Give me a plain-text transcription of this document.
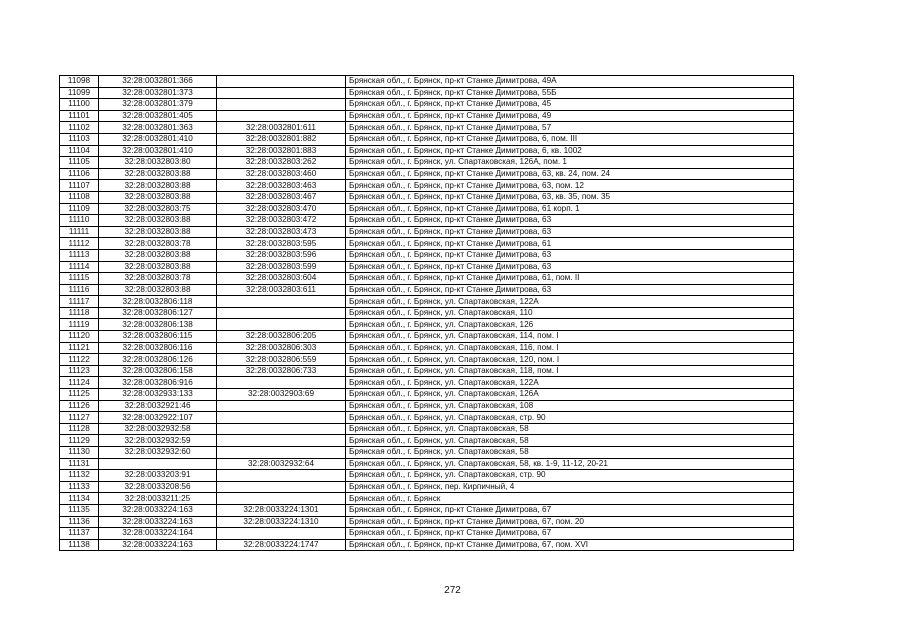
11098	32:28:0032801:366		Брянская обл., г. Брянск, пр-кт Станке Димитрова, 49А
11099	32:28:0032801:373		Брянская обл., г. Брянск, пр-кт Станке Димитрова, 55Б
11100	32:28:0032801:379		Брянская обл., г. Брянск, пр-кт Станке Димитрова, 45
11101	32:28:0032801:405		Брянская обл., г. Брянск, пр-кт Станке Димитрова, 49
11102	32:28:0032801:363	32:28:0032801:611	Брянская обл., г. Брянск, пр-кт Станке Димитрова, 57
11103	32:28:0032801:410	32:28:0032801:882	Брянская обл., г. Брянск, пр-кт Станке Димитрова, 6, пом. III
11104	32:28:0032801:410	32:28:0032801:883	Брянская обл., г. Брянск, пр-кт Станке Димитрова, 6, кв. 1002
11105	32:28:0032803:80	32:28:0032803:262	Брянская обл., г. Брянск, ул. Спартаковская, 126А, пом. 1
11106	32:28:0032803:88	32:28:0032803:460	Брянская обл., г. Брянск, пр-кт Станке Димитрова, 63, кв. 24, пом. 24
11107	32:28:0032803:88	32:28:0032803:463	Брянская обл., г. Брянск, пр-кт Станке Димитрова, 63, пом. 12
11108	32:28:0032803:88	32:28:0032803:467	Брянская обл., г. Брянск, пр-кт Станке Димитрова, 63, кв. 35, пом. 35
11109	32:28:0032803:75	32:28:0032803:470	Брянская обл., г. Брянск, пр-кт Станке Димитрова, 61 корп. 1
11110	32:28:0032803:88	32:28:0032803:472	Брянская обл., г. Брянск, пр-кт Станке Димитрова, 63
11111	32:28:0032803:88	32:28:0032803:473	Брянская обл., г. Брянск, пр-кт Станке Димитрова, 63
11112	32:28:0032803:78	32:28:0032803:595	Брянская обл., г. Брянск, пр-кт Станке Димитрова, 61
11113	32:28:0032803:88	32:28:0032803:596	Брянская обл., г. Брянск, пр-кт Станке Димитрова, 63
11114	32:28:0032803:88	32:28:0032803:599	Брянская обл., г. Брянск, пр-кт Станке Димитрова, 63
11115	32:28:0032803:78	32:28:0032803:604	Брянская обл., г. Брянск, пр-кт Станке Димитрова, 61, пом. II
11116	32:28:0032803:88	32:28:0032803:611	Брянская обл., г. Брянск, пр-кт Станке Димитрова, 63
11117	32:28:0032806:118		Брянская обл., г. Брянск, ул. Спартаковская, 122А
11118	32:28:0032806:127		Брянская обл., г. Брянск, ул. Спартаковская, 110
11119	32:28:0032806:138		Брянская обл., г. Брянск, ул. Спартаковская, 126
11120	32:28:0032806:115	32:28:0032806:205	Брянская обл., г. Брянск, ул. Спартаковская, 114, пом. I
11121	32:28:0032806:116	32:28:0032806:303	Брянская обл., г. Брянск, ул. Спартаковская, 116, пом. I
11122	32:28:0032806:126	32:28:0032806:559	Брянская обл., г. Брянск, ул. Спартаковская, 120, пом. I
11123	32:28:0032806:158	32:28:0032806:733	Брянская обл., г. Брянск, ул. Спартаковская, 118, пом. I
11124	32:28:0032806:916		Брянская обл., г. Брянск, ул. Спартаковская, 122А
11125	32:28:0032933:133	32:28:0032903:69	Брянская обл., г. Брянск, ул. Спартаковская, 126А
11126	32:28:0032921:46		Брянская обл., г. Брянск, ул. Спартаковская, 108
11127	32:28:0032922:107		Брянская обл., г. Брянск, ул. Спартаковская, стр. 90
11128	32:28:0032932:58		Брянская обл., г. Брянск, ул. Спартаковская, 58
11129	32:28:0032932:59		Брянская обл., г. Брянск, ул. Спартаковская, 58
11130	32:28:0032932:60		Брянская обл., г. Брянск, ул. Спартаковская, 58
11131		32:28:0032932:64	Брянская обл., г. Брянск, ул. Спартаковская, 58, кв. 1-9, 11-12, 20-21
11132	32:28:0033203:91		Брянская обл., г. Брянск, ул. Спартаковская, стр. 90
11133	32:28:0033208:56		Брянская обл., г. Брянск, пер. Кирпичный, 4
11134	32:28:0033211:25		Брянская обл., г. Брянск
11135	32:28:0033224:163	32:28:0033224:1301	Брянская обл., г. Брянск, пр-кт Станке Димитрова, 67
11136	32:28:0033224:163	32:28:0033224:1310	Брянская обл., г. Брянск, пр-кт Станке Димитрова, 67, пом. 20
11137	32:28:0033224:164		Брянская обл., г. Брянск, пр-кт Станке Димитрова, 67
11138	32:28:0033224:163	32:28:0033224:1747	Брянская обл., г. Брянск, пр-кт Станке Димитрова, 67, пом. XVI
272
